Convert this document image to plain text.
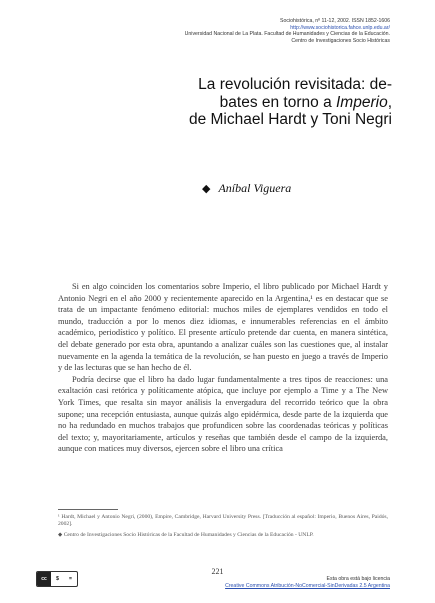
Sociohistórica, nº 11-12, 2002. ISSN 1852-1606
http://www.sociohistorica.fahce.unlp.edu.ar/
Universidad Nacional de La Plata. Facultad de Humanidades y Ciencias de la Educación.
Centro de Investigaciones Socio Históricas
La revolución revisitada: de-
bates en torno a Imperio,
de Michael Hardt y Toni Negri
◆ Aníbal Viguera

Si en algo coinciden los comentarios sobre Imperio, el libro publicado por Michael Hardt y Antonio Negri en el año 2000 y recientemente aparecido en la Argentina,¹ es en destacar que se trata de un impactante fenómeno editorial: muchos miles de ejemplares vendidos en todo el mundo, traducción a por lo menos diez idiomas, e innumerables referencias en el ámbito académico, periodístico y político. El presente artículo pretende dar cuenta, en manera sintética, del debate generado por esta obra, apuntando a analizar cuáles son las cuestiones que, al instalar nuevamente en la agenda la temática de la revolución, se han puesto en juego a través de Imperio y de las lecturas que se han hecho de él.

Podría decirse que el libro ha dado lugar fundamentalmente a tres tipos de reacciones: una exaltación casi retórica y políticamente atópica, que incluye por ejemplo a Time y a The New York Times, que resalta sin mayor análisis la envergadura del recorrido teórico que la obra supone; una recepción entusiasta, aunque quizás algo epidérmica, desde parte de la izquierda que no ha redundado en muchos trabajos que profundicen sobre las coordenadas teóricas y políticas del texto; y, mayoritariamente, artículos y reseñas que también desde el campo de la izquierda, aunque con matices muy diversos, ejercen sobre el libro una crítica

¹ Hardt, Michael y Antonio Negri, (2000), Empire, Cambridge, Harvard University Press. [Traducción al español: Imperio, Buenos Aires, Paidós, 2002].
◆ Centro de Investigaciones Socio Históricas de la Facultad de Humanidades y Ciencias de la Educación - UNLP.
221
cc	$ =	Esta obra está bajo licencia
Creative Commons Atribución-NoComercial-SinDerivadas 2.5 Argentina
